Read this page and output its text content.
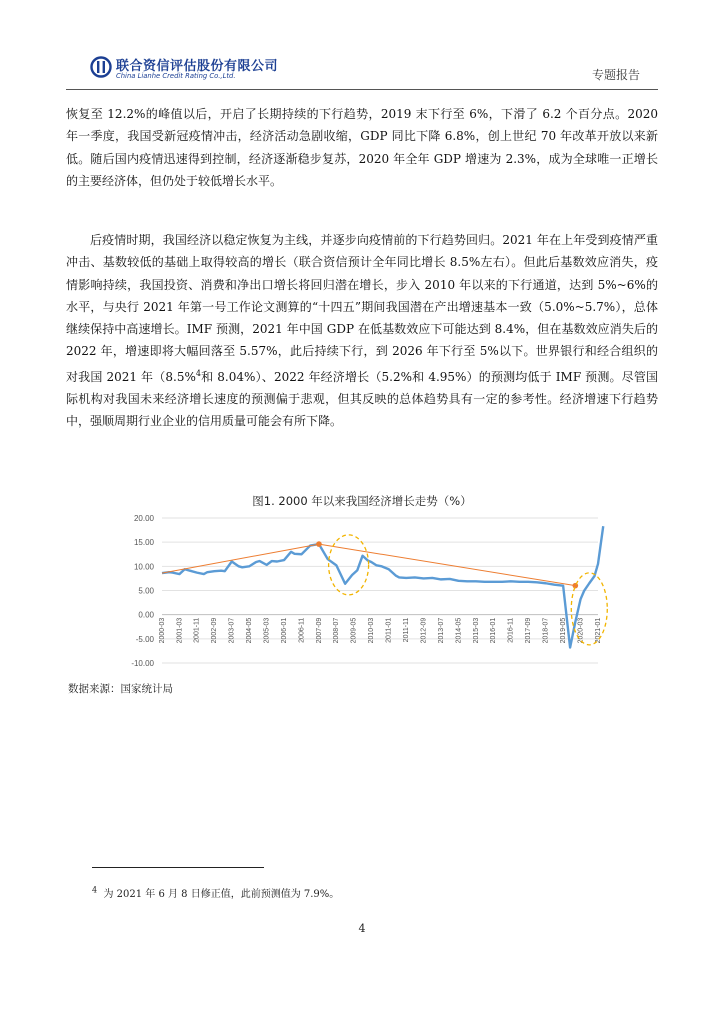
联合资信评估股份有限公司
China Lianhe Credit Rating Co.,Ltd.	专题报告

恢复至 12.2%的峰值以后，开启了长期持续的下行趋势，2019 末下行至 6%，下滑了 6.2 个百分点。2020 年一季度，我国受新冠疫情冲击，经济活动急剧收缩，GDP 同比下降 6.8%，创上世纪 70 年改革开放以来新低。随后国内疫情迅速得到控制，经济逐渐稳步复苏，2020 年全年 GDP 增速为 2.3%，成为全球唯一正增长的主要经济体，但仍处于较低增长水平。

后疫情时期，我国经济以稳定恢复为主线，并逐步向疫情前的下行趋势回归。2021 年在上年受到疫情严重冲击、基数较低的基础上取得较高的增长（联合资信预计全年同比增长 8.5%左右）。但此后基数效应消失，疫情影响持续，我国投资、消费和净出口增长将回归潜在增长，步入 2010 年以来的下行通道，达到 5%~6%的水平，与央行 2021 年第一号工作论文测算的“十四五”期间我国潜在产出增速基本一致（5.0%~5.7%），总体继续保持中高速增长。IMF 预测，2021 年中国 GDP 在低基数效应下可能达到 8.4%，但在基数效应消失后的 2022 年，增速即将大幅回落至 5.57%，此后持续下行，到 2026 年下行至 5%以下。世界银行和经合组织的对我国 2021 年（8.5%$^4$和 8.04%）、2022 年经济增长（5.2%和 4.95%）的预测均低于 IMF 预测。尽管国际机构对我国未来经济增长速度的预测偏于悲观，但其反映的总体趋势具有一定的参考性。经济增速下行趋势中，强顺周期行业企业的信用质量可能会有所下降。

图1. 2000 年以来我国经济增长走势（%）
20.00
15.00
10.00
5.00
0.00
-5.00
-10.00
2000-03 2001-03 2001-11 2002-09 2003-07 2004-05 2005-03 2006-01 2006-11 2007-09 2008-07 2009-05 2010-03 2011-01 2011-11 2012-09 2013-07 2014-05 2015-03 2016-01 2016-11 2017-09 2018-07 2019-05 2020-03 2021-01
数据来源：国家统计局
$^4$ 为 2021 年 6 月 8 日修正值，此前预测值为 7.9%。
4
